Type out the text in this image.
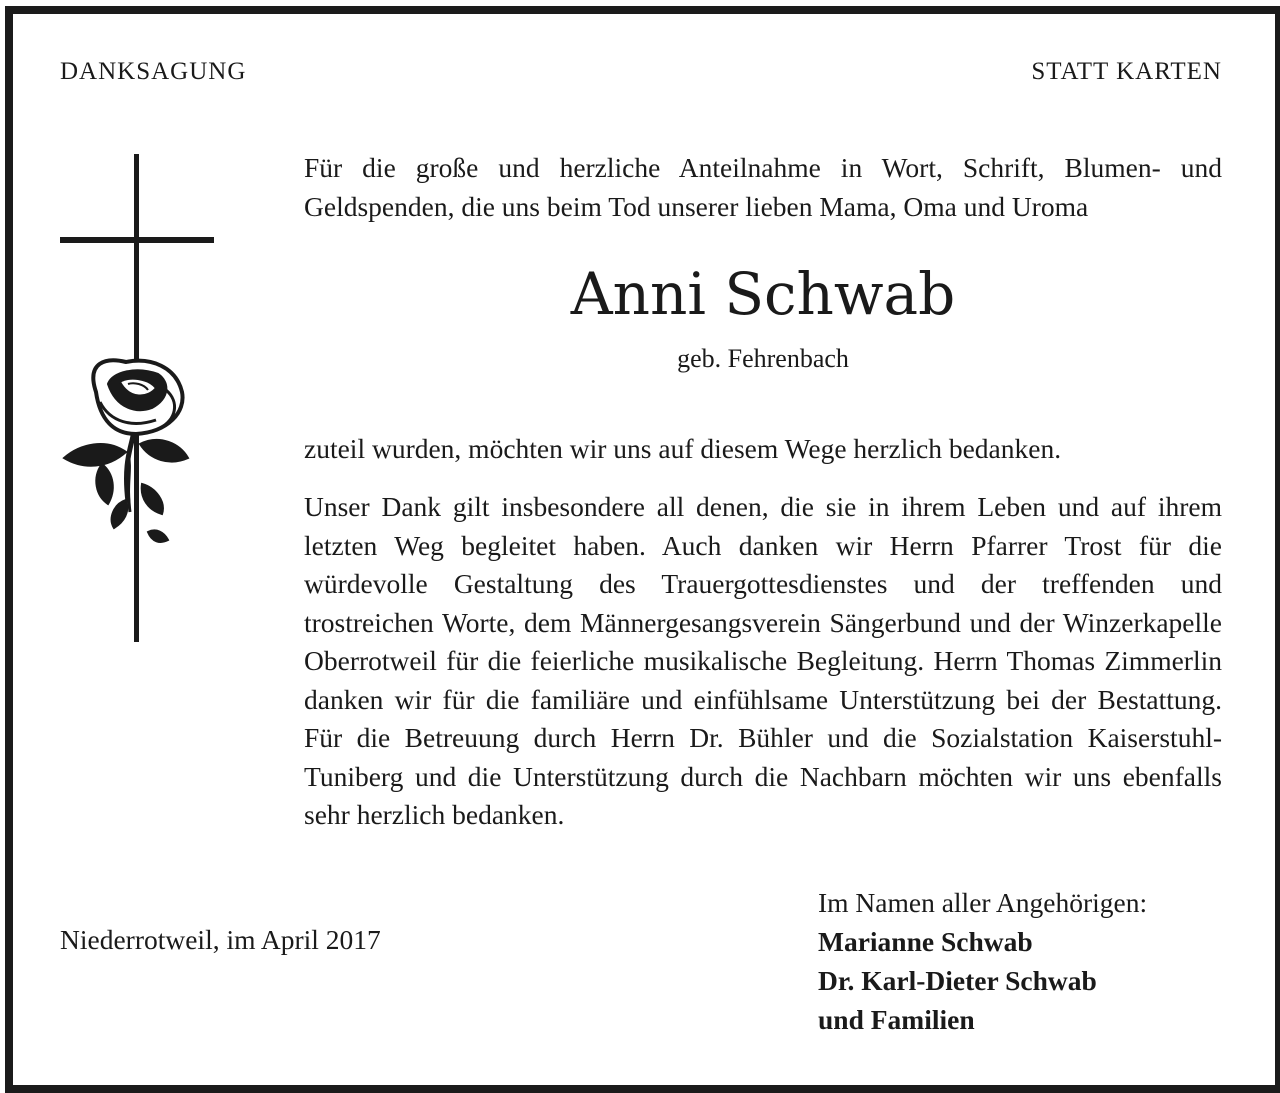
DANKSAGUNG	STATT KARTEN

Für die große und herzliche Anteilnahme in Wort, Schrift, Blumen- und Geldspenden, die uns beim Tod unserer lieben Mama, Oma und Uroma

Anni Schwab
geb. Fehrenbach
zuteil wurden, möchten wir uns auf diesem Wege herzlich bedanken.

Unser Dank gilt insbesondere all denen, die sie in ihrem Leben und auf ihrem letzten Weg begleitet haben. Auch danken wir Herrn Pfarrer Trost für die würdevolle Gestaltung des Trauergottesdienstes und der treffenden und trostreichen Worte, dem Männergesangsverein Sängerbund und der Winzerkapelle Oberrotweil für die feierliche musikalische Begleitung. Herrn Thomas Zimmerlin danken wir für die familiäre und einfühlsame Unterstützung bei der Bestattung. Für die Betreuung durch Herrn Dr. Bühler und die Sozialstation Kaiserstuhl-Tuniberg und die Unterstützung durch die Nachbarn möchten wir uns ebenfalls sehr herzlich bedanken.

Niederrotweil, im April 2017
Im Namen aller Angehörigen:
Marianne Schwab
Dr. Karl-Dieter Schwab
und Familien
